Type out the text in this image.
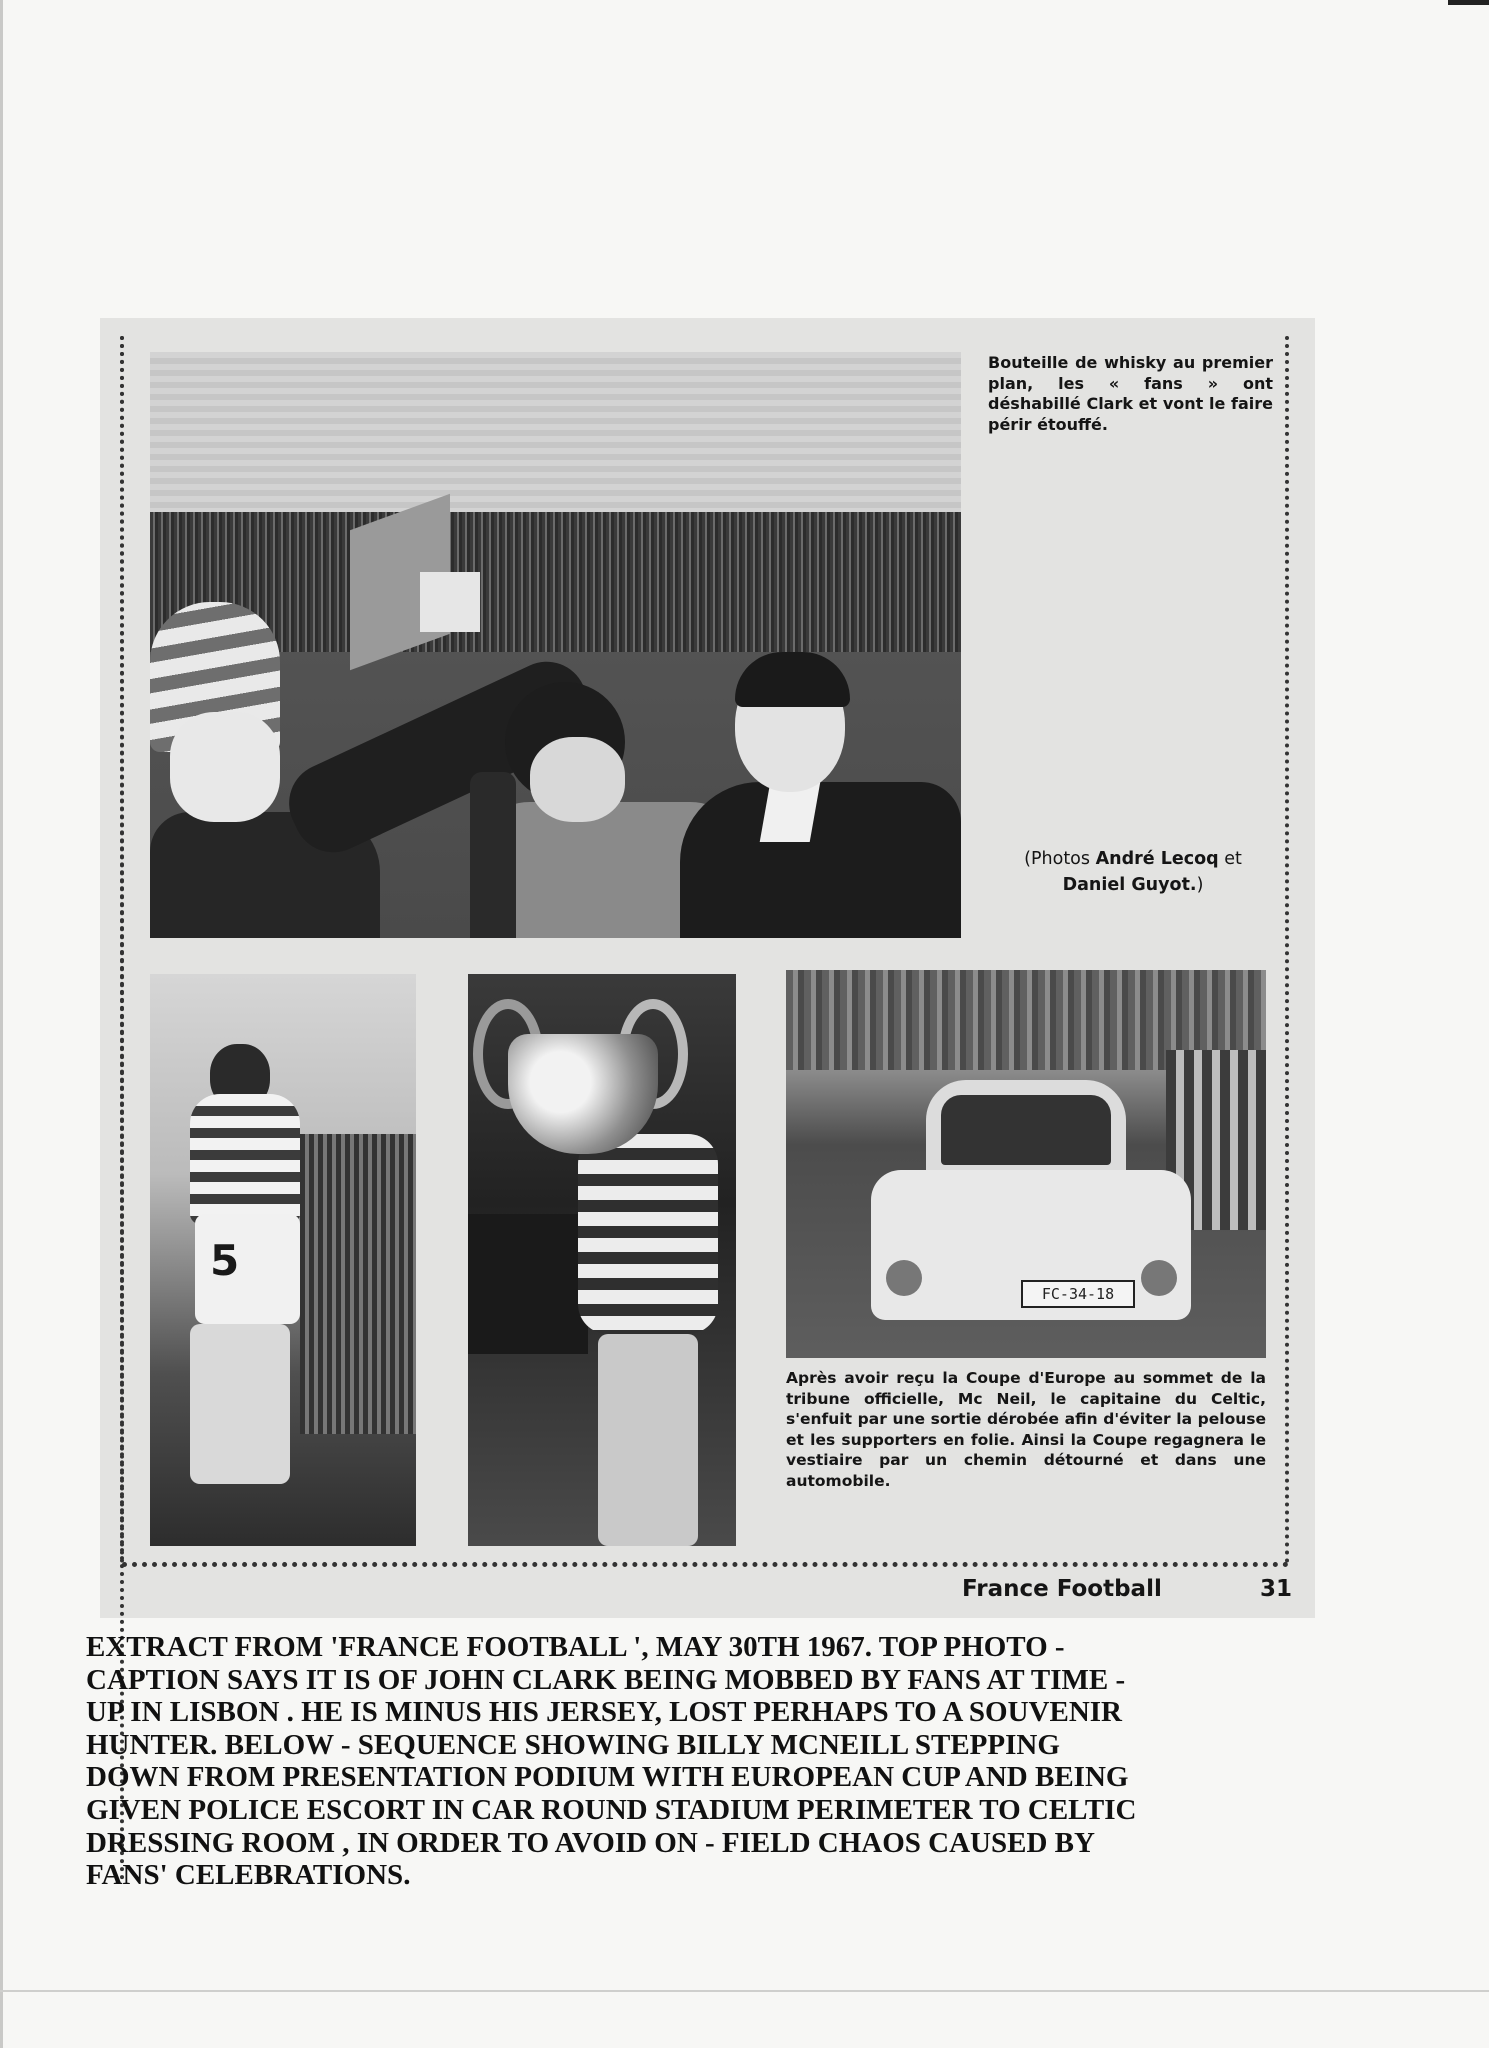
Bouteille de whisky au premier plan, les « fans » ont déshabillé Clark et vont le faire périr étouffé.
(Photos André Lecoq et
Daniel Guyot.)
5
FC-34-18
Après avoir reçu la Coupe d'Europe au sommet de la tribune officielle, Mc Neil, le capitaine du Celtic, s'enfuit par une sortie dérobée afin d'éviter la pelouse et les supporters en folie. Ainsi la Coupe regagnera le vestiaire par un chemin détourné et dans une automobile.
France Football	31
EXTRACT FROM 'FRANCE FOOTBALL ', MAY 30TH 1967. TOP PHOTO -
CAPTION SAYS IT IS OF JOHN CLARK BEING MOBBED BY FANS AT TIME -
UP IN LISBON . HE IS MINUS HIS JERSEY, LOST PERHAPS TO A SOUVENIR
HUNTER. BELOW - SEQUENCE SHOWING BILLY MCNEILL STEPPING
DOWN FROM PRESENTATION PODIUM WITH EUROPEAN CUP AND BEING
GIVEN POLICE ESCORT IN CAR ROUND STADIUM PERIMETER TO CELTIC
DRESSING ROOM , IN ORDER TO AVOID ON - FIELD CHAOS CAUSED BY
FANS' CELEBRATIONS.
